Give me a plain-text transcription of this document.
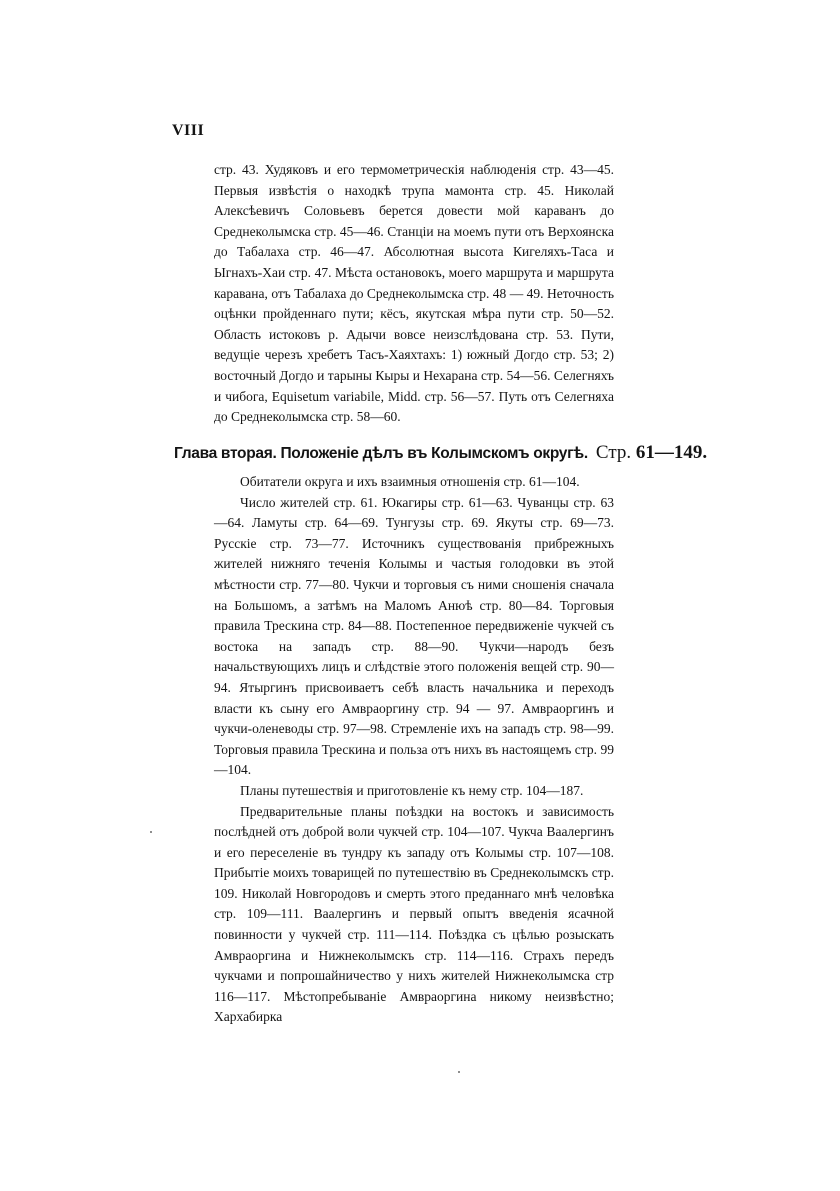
VIII

стр. 43. Худяковъ и его термометрическія наблюденія стр. 43—45. Первыя извѣстія о находкѣ трупа мамонта стр. 45. Николай Алексѣевичъ Соловьевъ берется довести мой караванъ до Среднеколымска стр. 45—46. Станціи на моемъ пути отъ Верхоянска до Табалаха стр. 46—47. Абсолютная высота Кигеляхъ-Таса и Ыгнахъ-Хаи стр. 47. Мѣста остановокъ, моего маршрута и маршрута каравана, отъ Табалаха до Среднеколымска стр. 48 — 49. Неточность оцѣнки пройденнаго пути; кёсъ, якутская мѣра пути стр. 50—52. Область истоковъ р. Адычи вовсе неизслѣдована стр. 53. Пути, ведущіе черезъ хребетъ Тасъ-Хаяхтахъ: 1) южный Догдо стр. 53; 2) восточный Догдо и тарыны Кыры и Нехарана стр. 54—56. Селегняхъ и чибога, Equisetum variabile, Midd. стр. 56—57. Путь отъ Селегняха до Среднеколымска стр. 58—60.

Глава вторая. Положеніе дѣлъ въ Колымскомъ округѣ. Стр. 61—149.

Обитатели округа и ихъ взаимныя отношенія стр. 61—104.

Число жителей стр. 61. Юкагиры стр. 61—63. Чуванцы стр. 63—64. Ламуты стр. 64—69. Тунгузы стр. 69. Якуты стр. 69—73. Русскіе стр. 73—77. Источникъ существованія прибрежныхъ жителей нижняго теченія Колымы и частыя голодовки въ этой мѣстности стр. 77—80. Чукчи и торговыя съ ними сношенія сначала на Большомъ, а затѣмъ на Маломъ Анюѣ стр. 80—84. Торговыя правила Трескина стр. 84—88. Постепенное передвиженіе чукчей съ востока на западъ стр. 88—90. Чукчи—народъ безъ начальствующихъ лицъ и слѣдствіе этого положенія вещей стр. 90—94. Ятыргинъ присвоиваетъ себѣ власть начальника и переходъ власти къ сыну его Амвраоргину стр. 94 — 97. Амвраоргинъ и чукчи-оленеводы стр. 97—98. Стремленіе ихъ на западъ стр. 98—99. Торговыя правила Трескина и польза отъ нихъ въ настоящемъ стр. 99—104.

Планы путешествія и приготовленіе къ нему стр. 104—187.

Предварительные планы поѣздки на востокъ и зависимость послѣдней отъ доброй воли чукчей стр. 104—107. Чукча Ваалергинъ и его переселеніе въ тундру къ западу отъ Колымы стр. 107—108. Прибытіе моихъ товарищей по путешествію въ Среднеколымскъ стр. 109. Николай Новгородовъ и смерть этого преданнаго мнѣ человѣка стр. 109—111. Ваалергинъ и первый опытъ введенія ясачной повинности у чукчей стр. 111—114. Поѣздка съ цѣлью розыскать Амвраоргина и Нижнеколымскъ стр. 114—116. Страхъ передъ чукчами и попрошайничество у нихъ жителей Нижнеколымска стр 116—117. Мѣстопребываніе Амвраоргина никому неизвѣстно; Хархабирка
